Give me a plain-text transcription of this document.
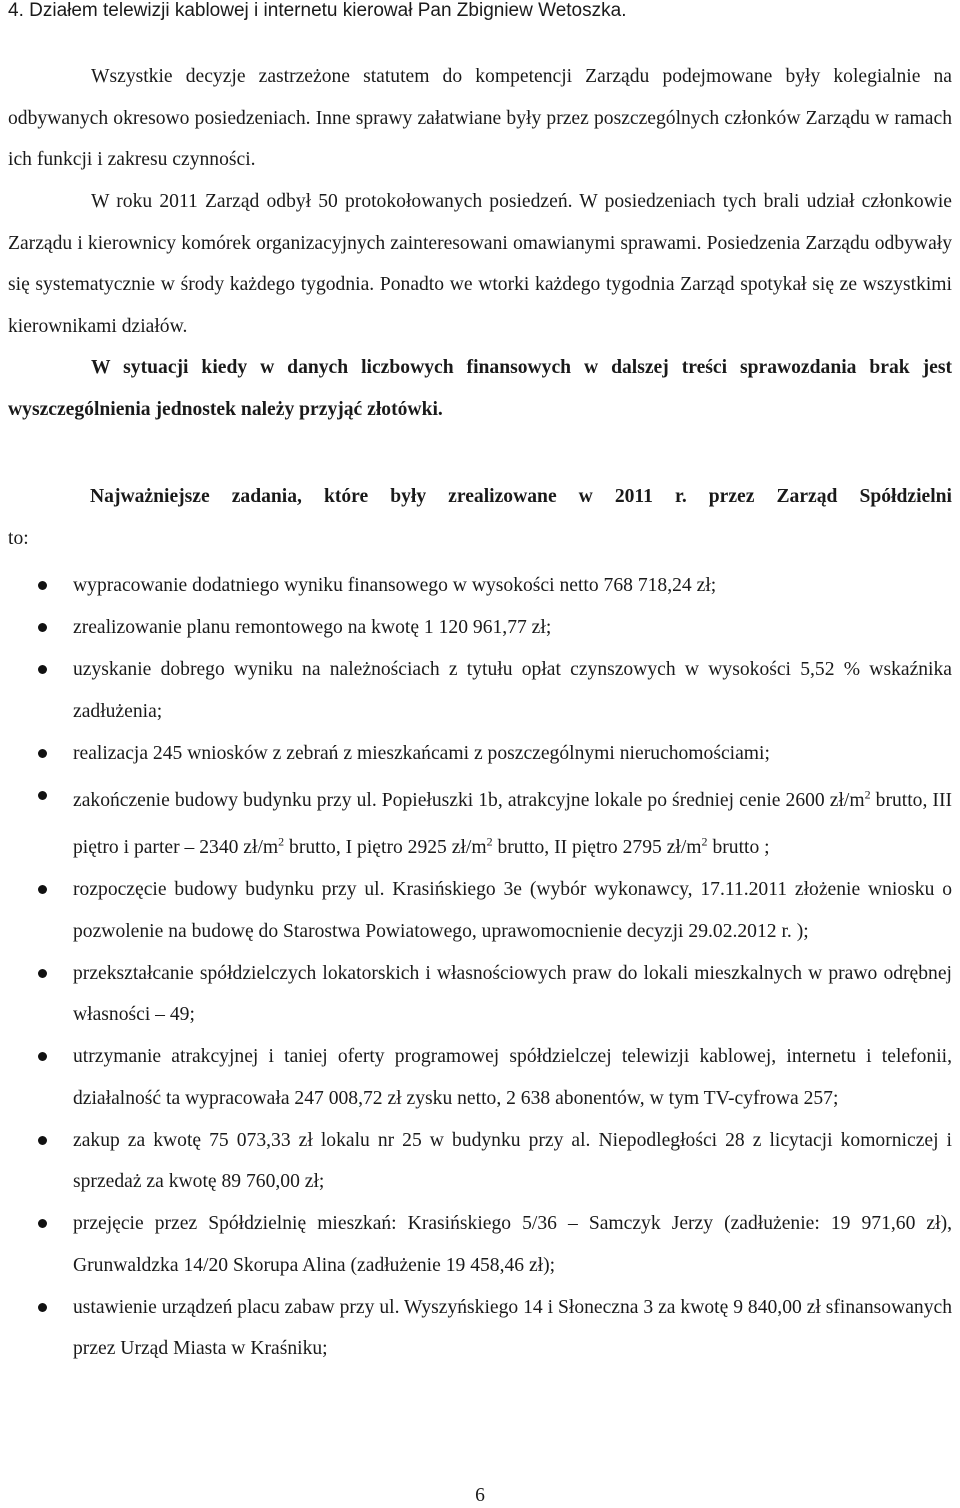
4. Działem telewizji kablowej i internetu kierował Pan Zbigniew Wetoszka.
Wszystkie decyzje zastrzeżone statutem do kompetencji Zarządu podejmowane były kolegialnie na odbywanych okresowo posiedzeniach. Inne sprawy załatwiane były przez poszczególnych członków Zarządu w ramach ich funkcji i zakresu czynności.
W roku 2011 Zarząd odbył 50 protokołowanych posiedzeń. W posiedzeniach tych brali udział członkowie Zarządu i kierownicy komórek organizacyjnych zainteresowani omawianymi sprawami. Posiedzenia Zarządu odbywały się systematycznie w środy każdego tygodnia. Ponadto we wtorki każdego tygodnia Zarząd spotykał się ze wszystkimi kierownikami działów.
W sytuacji kiedy w danych liczbowych finansowych w dalszej treści sprawozdania brak jest wyszczególnienia jednostek należy przyjąć złotówki.
Najważniejsze zadania, które były zrealizowane w 2011 r. przez Zarząd Spółdzielni
to:
wypracowanie dodatniego wyniku finansowego w wysokości netto 768 718,24 zł;
zrealizowanie planu remontowego na kwotę 1 120 961,77 zł;
uzyskanie dobrego wyniku na należnościach z tytułu opłat czynszowych w wysokości 5,52 % wskaźnika zadłużenia;
realizacja 245 wniosków z zebrań z mieszkańcami z poszczególnymi nieruchomościami;
zakończenie budowy budynku przy ul. Popiełuszki 1b, atrakcyjne lokale po średniej cenie 2600 $zł/m^2$ brutto, III piętro i parter – 2340 $zł/m^2$ brutto, I piętro 2925 $zł/m^2$ brutto, II piętro 2795 $zł/m^2$ brutto ;
rozpoczęcie budowy budynku przy ul. Krasińskiego 3e (wybór wykonawcy, 17.11.2011 złożenie wniosku o pozwolenie na budowę do Starostwa Powiatowego, uprawomocnienie decyzji 29.02.2012 r. );
przekształcanie spółdzielczych lokatorskich i własnościowych praw do lokali mieszkalnych w prawo odrębnej własności – 49;
utrzymanie atrakcyjnej i taniej oferty programowej spółdzielczej telewizji kablowej, internetu i telefonii, działalność ta wypracowała 247 008,72 zł zysku netto, 2 638 abonentów, w tym TV-cyfrowa 257;
zakup za kwotę 75 073,33 zł lokalu nr 25 w budynku przy al. Niepodległości 28 z licytacji komorniczej i sprzedaż za kwotę 89 760,00 zł;
przejęcie przez Spółdzielnię mieszkań: Krasińskiego 5/36 – Samczyk Jerzy (zadłużenie: 19 971,60 zł), Grunwaldzka 14/20 Skorupa Alina (zadłużenie 19 458,46 zł);
ustawienie urządzeń placu zabaw przy ul. Wyszyńskiego 14 i Słoneczna 3 za kwotę 9 840,00 zł sfinansowanych przez Urząd Miasta w Kraśniku;
6
